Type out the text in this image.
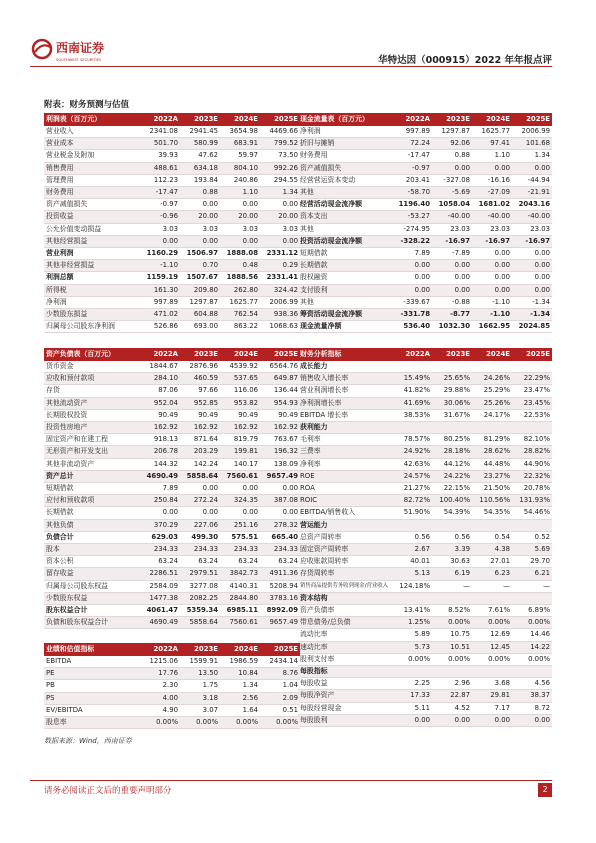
西南证券
SOUTHWEST SECURITIES	华特达因（000915）2022 年年报点评
附表：财务预测与估值
利润表（百万元）	2022A	2023E	2024E	2025E
营业收入	2341.08	2941.45	3654.98	4469.66
营业成本	501.70	580.99	683.91	799.52
营业税金及附加	39.93	47.62	59.97	73.50
销售费用	488.61	634.18	804.10	992.26
管理费用	112.23	193.84	240.86	294.55
财务费用	-17.47	0.88	1.10	1.34
资产减值损失	-0.97	0.00	0.00	0.00
投资收益	-0.96	20.00	20.00	20.00
公允价值变动损益	3.03	3.03	3.03	3.03
其他经营损益	0.00	0.00	0.00	0.00
营业利润	1160.29	1506.97	1888.08	2331.12
其他非经营损益	-1.10	0.70	0.48	0.29
利润总额	1159.19	1507.67	1888.56	2331.41
所得税	161.30	209.80	262.80	324.42
净利润	997.89	1297.87	1625.77	2006.99
少数股东损益	471.02	604.88	762.54	938.36
归属母公司股东净利润	526.86	693.00	863.22	1068.63
现金流量表（百万元）	2022A	2023E	2024E	2025E
净利润	997.89	1297.87	1625.77	2006.99
折旧与摊销	72.24	92.06	97.41	101.68
财务费用	-17.47	0.88	1.10	1.34
资产减值损失	-0.97	0.00	0.00	0.00
经营营运资本变动	203.41	-327.08	-16.16	-44.94
其他	-58.70	-5.69	-27.09	-21.91
经营活动现金流净额	1196.40	1058.04	1681.02	2043.16
资本支出	-53.27	-40.00	-40.00	-40.00
其他	-274.95	23.03	23.03	23.03
投资活动现金流净额	-328.22	-16.97	-16.97	-16.97
短期借款	7.89	-7.89	0.00	0.00
长期借款	0.00	0.00	0.00	0.00
股权融资	0.00	0.00	0.00	0.00
支付股利	0.00	0.00	0.00	0.00
其他	-339.67	-0.88	-1.10	-1.34
筹资活动现金流净额	-331.78	-8.77	-1.10	-1.34
现金流量净额	536.40	1032.30	1662.95	2024.85
资产负债表（百万元）	2022A	2023E	2024E	2025E
货币资金	1844.67	2876.96	4539.92	6564.76
应收和预付款项	284.10	460.59	537.65	649.87
存货	87.06	97.66	116.06	136.44
其他流动资产	952.04	952.85	953.82	954.93
长期股权投资	90.49	90.49	90.49	90.49
投资性房地产	162.92	162.92	162.92	162.92
固定资产和在建工程	918.13	871.64	819.79	763.67
无形资产和开发支出	206.78	203.29	199.81	196.32
其他非流动资产	144.32	142.24	140.17	138.09
资产总计	4690.49	5858.64	7560.61	9657.49
短期借款	7.89	0.00	0.00	0.00
应付和预收款项	250.84	272.24	324.35	387.08
长期借款	0.00	0.00	0.00	0.00
其他负债	370.29	227.06	251.16	278.32
负债合计	629.03	499.30	575.51	665.40
股本	234.33	234.33	234.33	234.33
资本公积	63.24	63.24	63.24	63.24
留存收益	2286.51	2979.51	3842.73	4911.36
归属母公司股东权益	2584.09	3277.08	4140.31	5208.94
少数股东权益	1477.38	2082.25	2844.80	3783.16
股东权益合计	4061.47	5359.34	6985.11	8992.09
负债和股东权益合计	4690.49	5858.64	7560.61	9657.49
财务分析指标	2022A	2023E	2024E	2025E
成长能力				
销售收入增长率	15.49%	25.65%	24.26%	22.29%
营业利润增长率	41.82%	29.88%	25.29%	23.47%
净利润增长率	41.69%	30.06%	25.26%	23.45%
EBITDA 增长率	38.53%	31.67%	24.17%	22.53%
获利能力				
毛利率	78.57%	80.25%	81.29%	82.10%
三费率	24.92%	28.18%	28.62%	28.82%
净利率	42.63%	44.12%	44.48%	44.90%
ROE	24.57%	24.22%	23.27%	22.32%
ROA	21.27%	22.15%	21.50%	20.78%
ROIC	82.72%	100.40%	110.56%	131.93%
EBITDA/销售收入	51.90%	54.39%	54.35%	54.46%
营运能力				
总资产周转率	0.56	0.56	0.54	0.52
固定资产周转率	2.67	3.39	4.38	5.69
应收账款周转率	40.01	30.63	27.01	29.70
存货周转率	5.13	6.19	6.23	6.21
销售商品提供劳务收到现金/营业收入	124.18%	—	—	—
资本结构				
资产负债率	13.41%	8.52%	7.61%	6.89%
带息债务/总负债	1.25%	0.00%	0.00%	0.00%
流动比率	5.89	10.75	12.69	14.46
速动比率	5.73	10.51	12.45	14.22
股利支付率	0.00%	0.00%	0.00%	0.00%
每股指标				
每股收益	2.25	2.96	3.68	4.56
每股净资产	17.33	22.87	29.81	38.37
每股经营现金	5.11	4.52	7.17	8.72
每股股利	0.00	0.00	0.00	0.00
业绩和估值指标	2022A	2023E	2024E	2025E
EBITDA	1215.06	1599.91	1986.59	2434.14
PE	17.76	13.50	10.84	8.76
PB	2.30	1.75	1.34	1.04
PS	4.00	3.18	2.56	2.09
EV/EBITDA	4.90	3.07	1.64	0.51
股息率	0.00%	0.00%	0.00%	0.00%
数据来源：Wind，西南证券
请务必阅读正文后的重要声明部分	2
